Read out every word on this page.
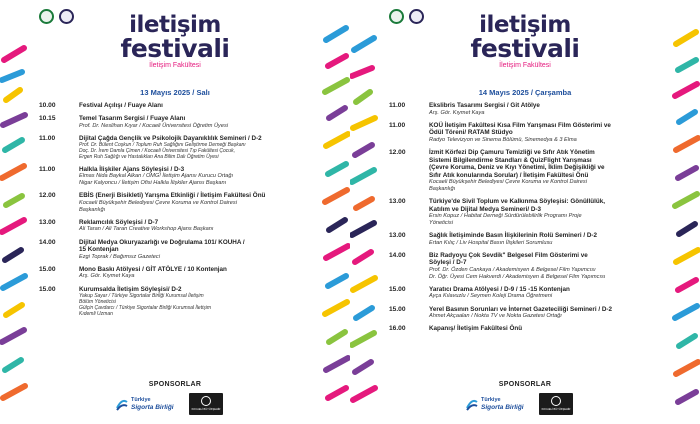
iletişim
festivali
İletişim Fakültesi
13 Mayıs 2025 / Salı
10.00	Festival Açılışı / Fuaye Alanı
10.15	Temel Tasarım Sergisi / Fuaye Alanı
Prof. Dr. Neslihan Kıyar / Kocaeli Üniversitesi Öğretim Üyesi
11.00	Dijital Çağda Gençlik ve Psikolojik Dayanıklılık Semineri / D-2
Prof. Dr. Bülent Coşkun / Toplum Ruh Sağlığını Geliştirme Derneği Başkanı
Doç. Dr. İrem Damla Çimen / Kocaeli Üniversitesi Tıp Fakültesi Çocuk,
Ergen Ruh Sağlığı ve Hastalıkları Ana Bilim Dalı Öğretim Üyesi
11.00	Halkla İlişkiler Ajans Söyleşisi / D-3
Elmas Nida Baykal Alkan / OMG! İletişim Ajansı Kurucu Ortağı
Nigar Kalyoncu / İletişim Ofisi Halkla İlişkiler Ajansı Başkanı
12.00	EBİS (Enerji Bisikleti) Yarışma Etkinliği / İletişim Fakültesi Önü
Kocaeli Büyükşehir Belediyesi Çevre Koruma ve Kontrol Dairesi
Başkanlığı
13.00	Reklamcılık Söyleşisi / D-7
Ali Taran / Ali Taran Creative Workshop Ajans Başkanı
14.00	Dijital Medya Okuryazarlığı ve Doğrulama 101/ KOUHA /
15 Kontenjan
Ezgi Toprak / Bağımsız Gazeteci
15.00	Mono Baskı Atölyesi / GİT ATÖLYE / 10 Kontenjan
Arş. Gör. Kıymet Kaya
15.00	Kurumsalda İletişim Söyleşisi/ D-2
Yakup Sayar / Türkiye Sigortalar Birliği Kurumsal İletişim
Bölüm Yöneticisi
Gülçin Çavdarcı / Türkiye Sigortalar Birliği Kurumsal İletişim
Kıdemli Uzman
SPONSORLAR
Türkiye
Sigorta Birliği	KOCAELİ BÜYÜKŞEHİR
iletişim
festivali
İletişim Fakültesi
14 Mayıs 2025 / Çarşamba
11.00	Ekslibris Tasarımı Sergisi / Git Atölye
Arş. Gör. Kıymet Kaya
11.00	KOÜ İletişim Fakültesi Kısa Film Yarışması Film Gösterimi ve
Ödül Töreni/ RATAM Stüdyo
Radyo Televizyon ve Sinema Bölümü, Sinemedya & 3 Elma
12.00	İzmit Körfezi Dip Çamuru Temizliği ve Sıfır Atık Yönetim
Sistemi Bilgilendirme Standları & QuizFlight Yarışması
(Çevre Koruma, Deniz ve Kıyı Yönetimi, İklim Değişikliği ve
Sıfır Atık konularında Sorular) / İletişim Fakültesi Önü
Kocaeli Büyükşehir Belediyesi Çevre Koruma ve Kontrol Dairesi
Başkanlığı
13.00	Türkiye'de Sivil Toplum ve Kalkınma Söyleşisi: Gönüllülük,
Katılım ve Dijital Medya Semineri/ D-3
Ersin Kopuz / Habitat Derneği Sürdürülebilirlik Programı Proje
Yöneticisi
13.00	Sağlık İletişiminde Basın İlişkilerinin Rolü Semineri / D-2
Ertan Kılıç / Liv Hospital Basın İlişkileri Sorumlusu
14.00	Biz Radyoyu Çok Sevdik" Belgesel Film Gösterimi ve
Söyleşi / D-7
Prof. Dr. Özden Cankaya / Akademisyen & Belgesel Film Yapımcısı
Dr. Öğr. Üyesi Cem Hakverdi / Akademisyen & Belgesel Film Yapımcısı
15.00	Yaratıcı Drama Atölyesi / D-9 / 15 -15 Kontenjan
Ayça Kılavuzlu / Seymen Koleji Drama Öğretmeni
15.00	Yerel Basının Sorunları ve İnternet Gazeteciliği Semineri / D-2
Ahmet Akçaalan / Nokta TV ve Nokta Gazetesi Ortağı
16.00	Kapanış/ İletişim Fakültesi Önü
SPONSORLAR
Türkiye
Sigorta Birliği	KOCAELİ BÜYÜKŞEHİR
